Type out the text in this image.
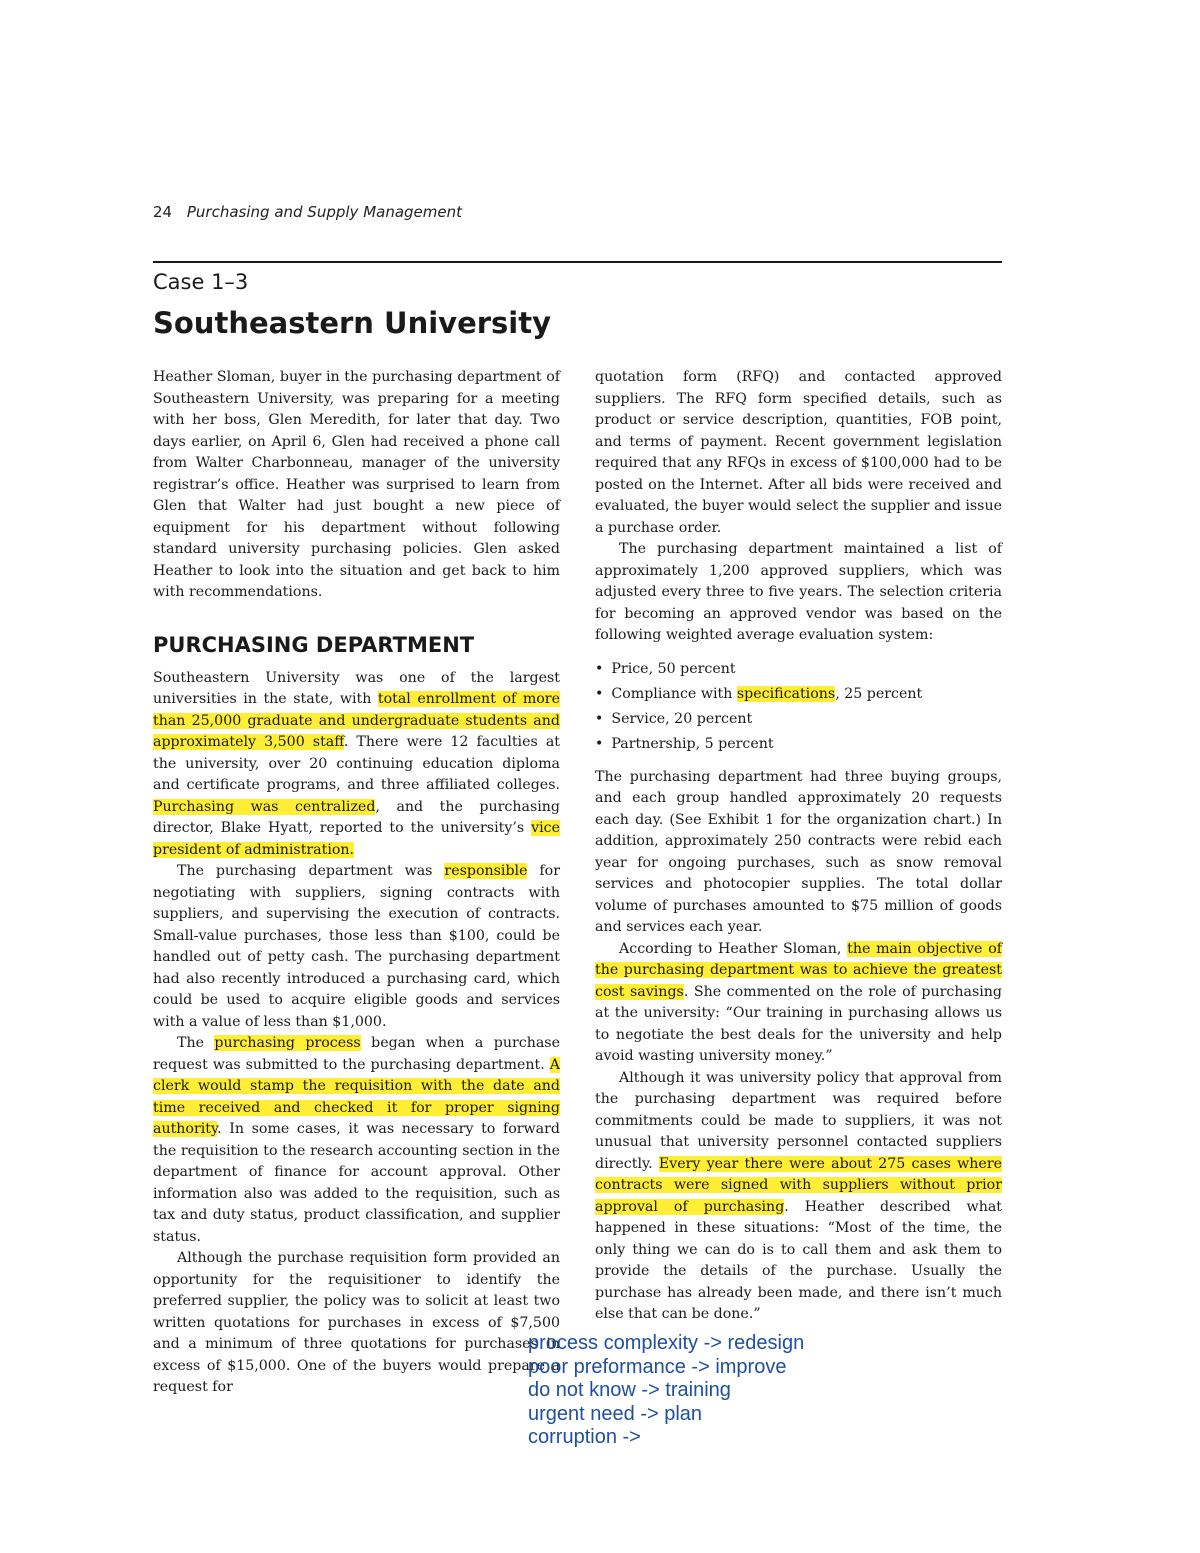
24 Purchasing and Supply Management
Case 1–3
Southeastern University

Heather Sloman, buyer in the purchasing department of Southeastern University, was preparing for a meeting with her boss, Glen Meredith, for later that day. Two days earlier, on April 6, Glen had received a phone call from Walter Charbonneau, manager of the university registrar’s office. Heather was surprised to learn from Glen that Walter had just bought a new piece of equipment for his department without following standard university purchasing policies. Glen asked Heather to look into the situation and get back to him with recommendations.

PURCHASING DEPARTMENT

Southeastern University was one of the largest universities in the state, with total enrollment of more than 25,000 graduate and undergraduate students and approximately 3,500 staff. There were 12 faculties at the university, over 20 continuing education diploma and certificate programs, and three affiliated colleges. Purchasing was centralized, and the purchasing director, Blake Hyatt, reported to the university’s vice president of administration.

The purchasing department was responsible for negotiating with suppliers, signing contracts with suppliers, and supervising the execution of contracts. Small-value purchases, those less than $100, could be handled out of petty cash. The purchasing department had also recently introduced a purchasing card, which could be used to acquire eligible goods and services with a value of less than $1,000.

The purchasing process began when a purchase request was submitted to the purchasing department. A clerk would stamp the requisition with the date and time received and checked it for proper signing authority. In some cases, it was necessary to forward the requisition to the research accounting section in the department of finance for account approval. Other information also was added to the requisition, such as tax and duty status, product classification, and supplier status.

Although the purchase requisition form provided an opportunity for the requisitioner to identify the preferred supplier, the policy was to solicit at least two written quotations for purchases in excess of $7,500 and a minimum of three quotations for purchases in excess of $15,000. One of the buyers would prepare a request for

quotation form (RFQ) and contacted approved suppliers. The RFQ form specified details, such as product or service description, quantities, FOB point, and terms of payment. Recent government legislation required that any RFQs in excess of $100,000 had to be posted on the Internet. After all bids were received and evaluated, the buyer would select the supplier and issue a purchase order.

The purchasing department maintained a list of approximately 1,200 approved suppliers, which was adjusted every three to five years. The selection criteria for becoming an approved vendor was based on the following weighted average evaluation system:

• Price, 50 percent
• Compliance with specifications, 25 percent
• Service, 20 percent
• Partnership, 5 percent

The purchasing department had three buying groups, and each group handled approximately 20 requests each day. (See Exhibit 1 for the organization chart.) In addition, approximately 250 contracts were rebid each year for ongoing purchases, such as snow removal services and photocopier supplies. The total dollar volume of purchases amounted to $75 million of goods and services each year.

According to Heather Sloman, the main objective of the purchasing department was to achieve the greatest cost savings. She commented on the role of purchasing at the university: “Our training in purchasing allows us to negotiate the best deals for the university and help avoid wasting university money.”

Although it was university policy that approval from the purchasing department was required before commitments could be made to suppliers, it was not unusual that university personnel contacted suppliers directly. Every year there were about 275 cases where contracts were signed with suppliers without prior approval of purchasing. Heather described what happened in these situations: “Most of the time, the only thing we can do is to call them and ask them to provide the details of the purchase. Usually the purchase has already been made, and there isn’t much else that can be done.”

process complexity -> redesign
poor preformance -> improve
do not know -> training
urgent need -> plan
corruption ->
